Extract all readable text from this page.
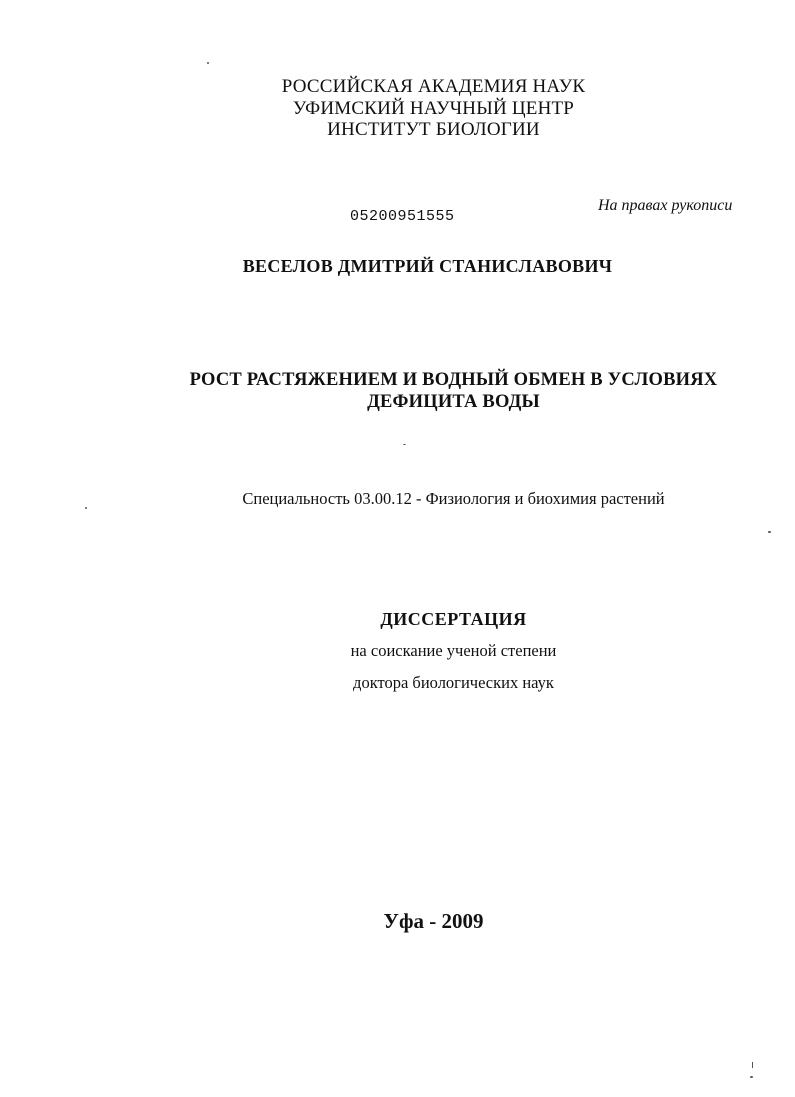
РОССИЙСКАЯ АКАДЕМИЯ НАУК
УФИМСКИЙ НАУЧНЫЙ ЦЕНТР
ИНСТИТУТ БИОЛОГИИ
05200951555
На правах рукописи
ВЕСЕЛОВ ДМИТРИЙ СТАНИСЛАВОВИЧ
РОСТ РАСТЯЖЕНИЕМ И ВОДНЫЙ ОБМЕН В УСЛОВИЯХ
ДЕФИЦИТА ВОДЫ
Специальность 03.00.12 - Физиология и биохимия растений
ДИССЕРТАЦИЯ
на соискание ученой степени
доктора биологических наук
Уфа - 2009
